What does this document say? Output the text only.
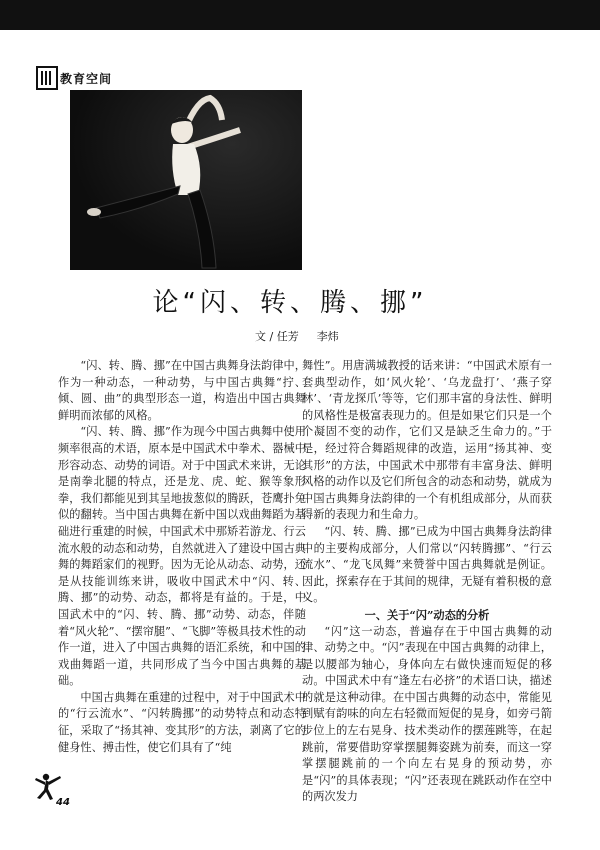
教育空间
论“闪、转、腾、挪”
文 / 任芳 李炜

“闪、转、腾、挪”在中国古典舞身法韵律中，作为一种动态，一种动势，与中国古典舞“拧、倾、圆、曲”的典型形态一道，构造出中国古典舞鲜明而浓郁的风格。

“闪、转、腾、挪”作为现今中国古典舞中使用频率很高的术语，原本是中国武术中拳术、器械中形容动态、动势的词语。对于中国武术来讲，无论是南拳北腿的特点，还是龙、虎、蛇、猴等象形拳，我们都能见到其呈地拔葱似的腾跃，苍鹰扑兔似的翻转。当中国古典舞在新中国以戏曲舞蹈为基础进行重建的时候，中国武术中那矫若游龙、行云流水般的动态和动势，自然就进入了建设中国古典舞的舞蹈家们的视野。因为无论从动态、动势，还是从技能训练来讲，吸收中国武术中“闪、转、腾、挪”的动势、动态，都将是有益的。于是，中国武术中的“闪、转、腾、挪”动势、动态，伴随着“风火轮”、“摆帘腿”、“飞脚”等极具技术性的动作一道，进入了中国古典舞的语汇系统，和中国的戏曲舞蹈一道，共同形成了当今中国古典舞的基础。

中国古典舞在重建的过程中，对于中国武术中的“行云流水”、“闪转腾挪”的动势特点和动态特征，采取了“扬其神、变其形”的方法，剥离了它的健身性、搏击性，使它们具有了“纯

舞性”。用唐满城教授的话来讲：“中国武术原有一套典型动作，如‘风火轮’、‘乌龙盘打’、‘燕子穿林’、‘青龙探爪’等等，它们那丰富的身法性、鲜明的风格性是极富表现力的。但是如果它们只是一个个凝固不变的动作，它们又是缺乏生命力的。”于是，经过符合舞蹈规律的改造，运用“扬其神、变其形”的方法，中国武术中那带有丰富身法、鲜明风格的动作以及它们所包含的动态和动势，就成为中国古典舞身法韵律的一个有机组成部分，从而获得新的表现力和生命力。

“闪、转、腾、挪”已成为中国古典舞身法韵律中的主要构成部分，人们常以“闪转腾挪”、“行云流水”、“龙飞凤舞”来赞誉中国古典舞就是例证。因此，探索存在于其间的规律，无疑有着积极的意义。

一、关于“闪”动态的分析

“闪”这一动态，普遍存在于中国古典舞的动律、动势之中。“闪”表现在中国古典舞的动律上，是以腰部为轴心，身体向左右做快速而短促的移动。中国武术中有“逢左右必挤”的术语口诀，描述的就是这种动律。在中国古典舞的动态中，常能见到赋有韵味的向左右轻微而短促的晃身，如旁弓箭步位上的左右晃身、技术类动作的摆莲跳等，在起跳前，常要借助穿掌摆腿舞姿跳为前奏，而这一穿掌摆腿跳前的一个向左右晃身的预动势，亦是“闪”的具体表现；“闪”还表现在跳跃动作在空中的两次发力

44
